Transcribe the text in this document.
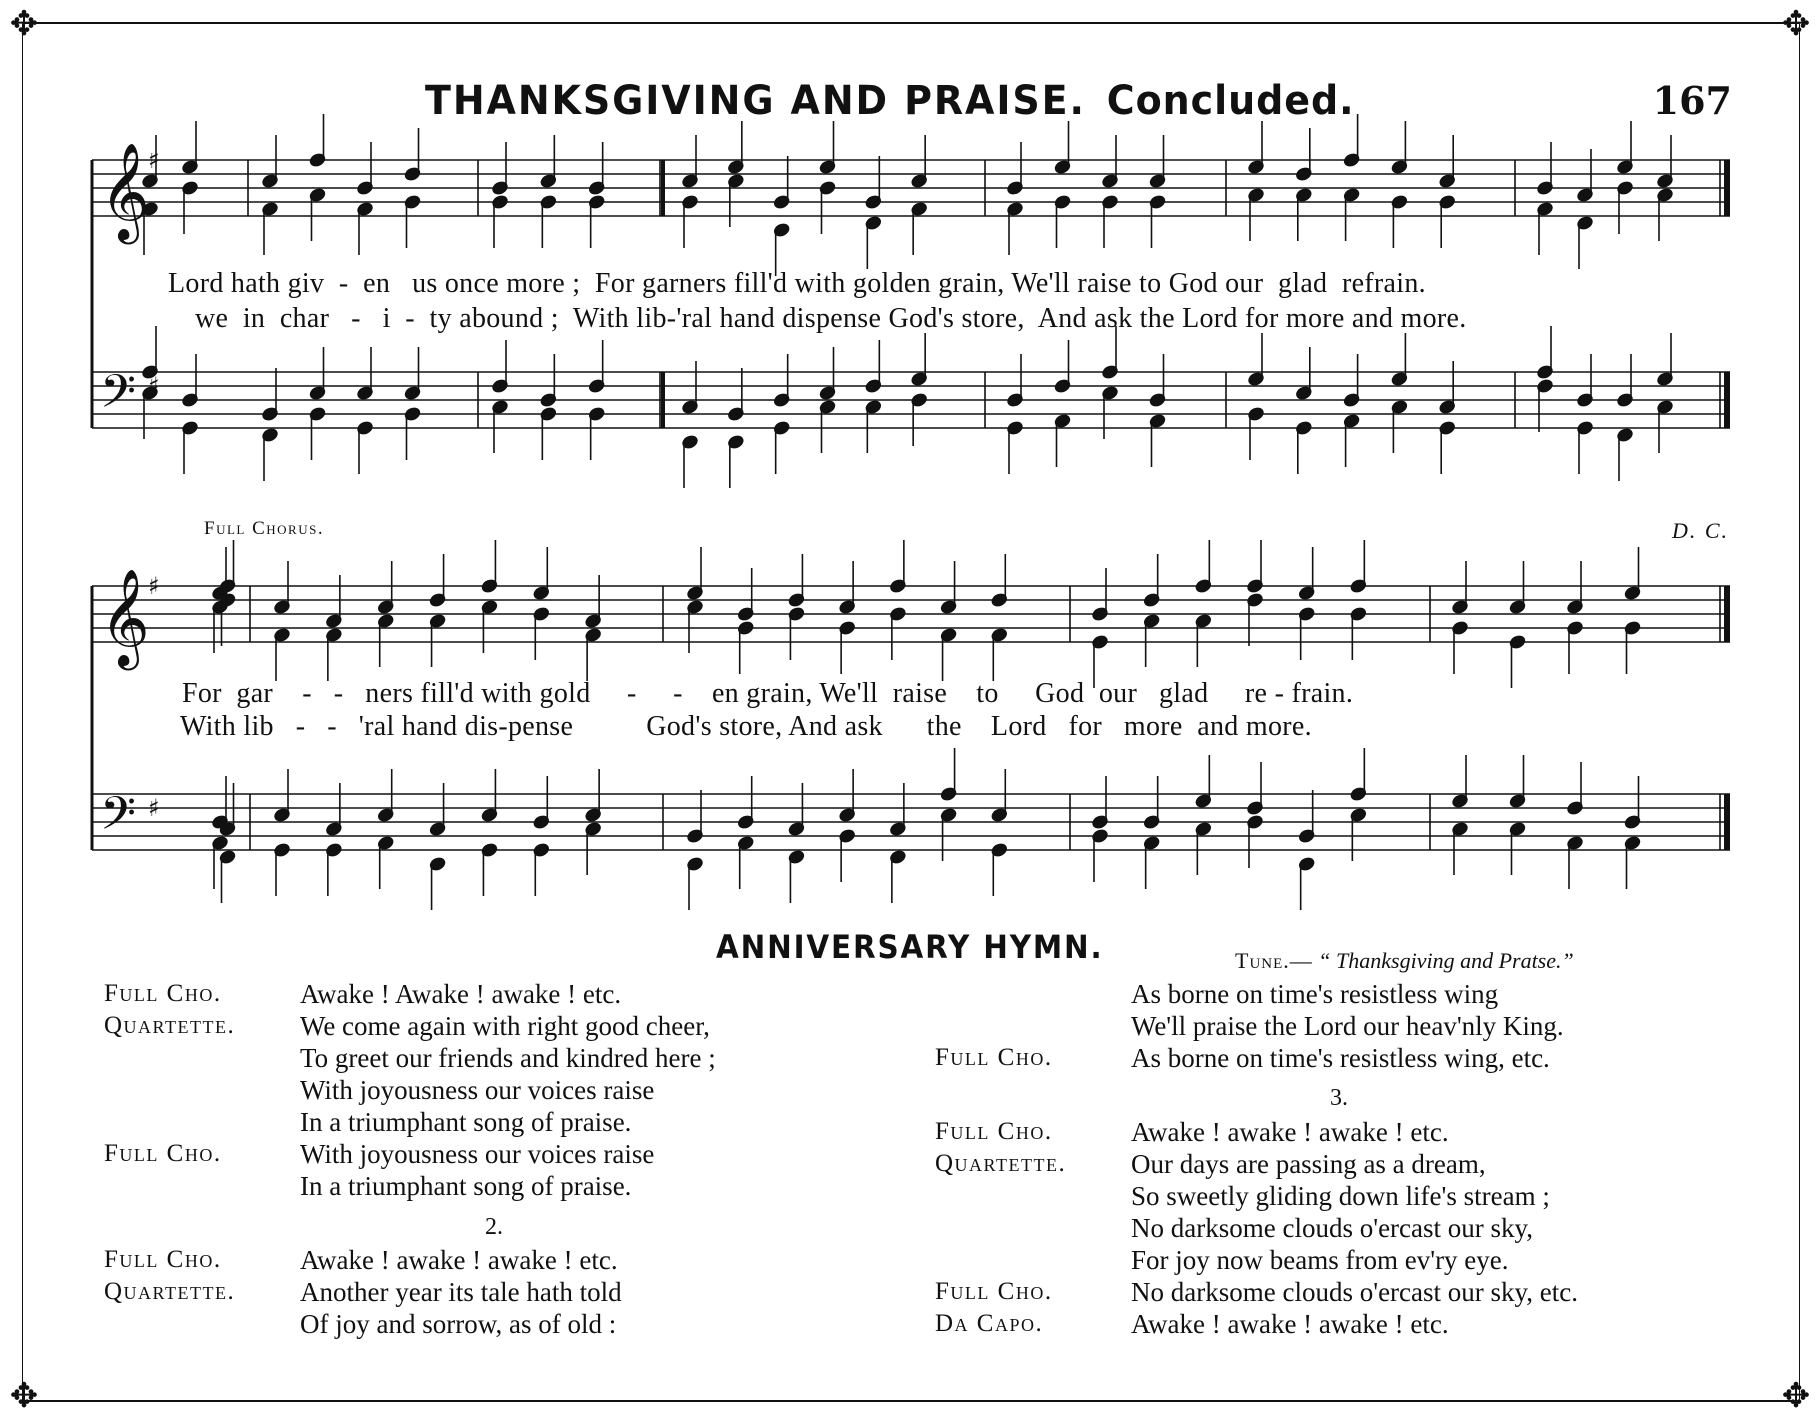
✥	✥
✥	✥
THANKSGIVING AND PRAISE. Concluded.	167
𝄞
♯
𝄢 ♯
𝄞
♯
𝄢 ♯
Lord hath giv  -  en   us once more ;  For garners fill'd with golden grain, We'll raise to God our  glad  refrain.
we  in  char   -   i  -  ty abound ;  With lib-'ral hand dispense God's store,  And ask the Lord for more and more.
Full Chorus.	D. C.
For  gar    -   -   ners fill'd with gold     -     -    en grain, We'll  raise    to     God  our   glad     re - frain.
With lib   -   -   'ral hand dis-pense          God's store, And ask      the    Lord   for   more  and more.
ANNIVERSARY HYMN.	Tune.— “ Thanksgiving and Pratse.”
Full Cho.	Awake ! Awake ! awake ! etc.
Quartette. We come again with right good cheer,
To greet our friends and kindred here ;
With joyousness our voices raise
In a triumphant song of praise.
Full Cho.	With joyousness our voices raise
In a triumphant song of praise.
2.
Full Cho.	Awake ! awake ! awake ! etc.
Quartette. Another year its tale hath told
Of joy and sorrow, as of old :
As borne on time's resistless wing
We'll praise the Lord our heav'nly King.
Full Cho.	As borne on time's resistless wing, etc.
3.
Full Cho.	Awake ! awake ! awake ! etc.
Quartette. Our days are passing as a dream,
So sweetly gliding down life's stream ;
No darksome clouds o'ercast our sky,
For joy now beams from ev'ry eye.
Full Cho.	No darksome clouds o'ercast our sky, etc.
Da Capo.	Awake ! awake ! awake ! etc.
